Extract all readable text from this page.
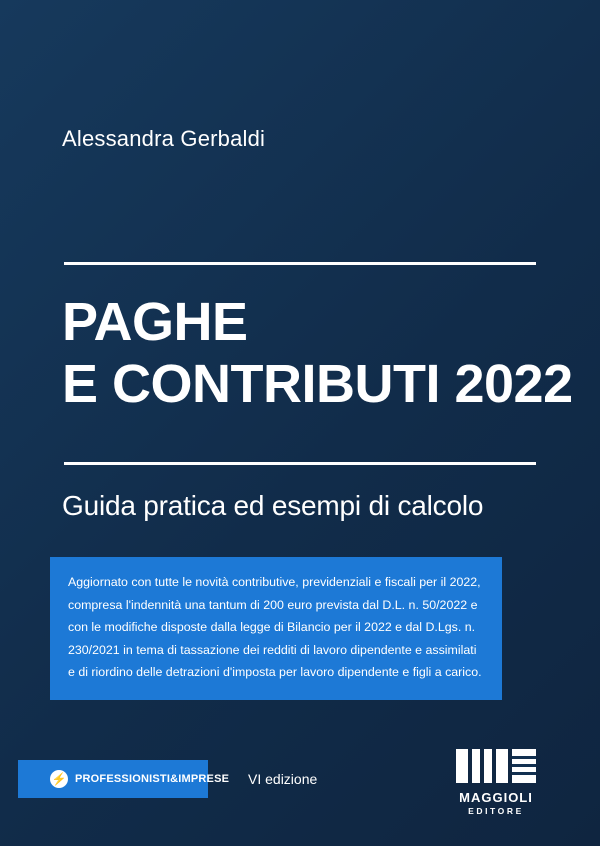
Alessandra Gerbaldi
PAGHE
E CONTRIBUTI 2022
Guida pratica ed esempi di calcolo
Aggiornato con tutte le novità contributive, previdenziali e fiscali per il 2022, compresa l'indennità una tantum di 200 euro prevista dal D.L. n. 50/2022 e con le modifiche disposte dalla legge di Bilancio per il 2022 e dal D.Lgs. n. 230/2021 in tema di tassazione dei redditi di lavoro dipendente e assimilati e di riordino delle detrazioni d'imposta per lavoro dipendente e figli a carico.
⚡ PROFESSIONISTI&IMPRESE VI edizione
MAGGIOLI
EDITORE
